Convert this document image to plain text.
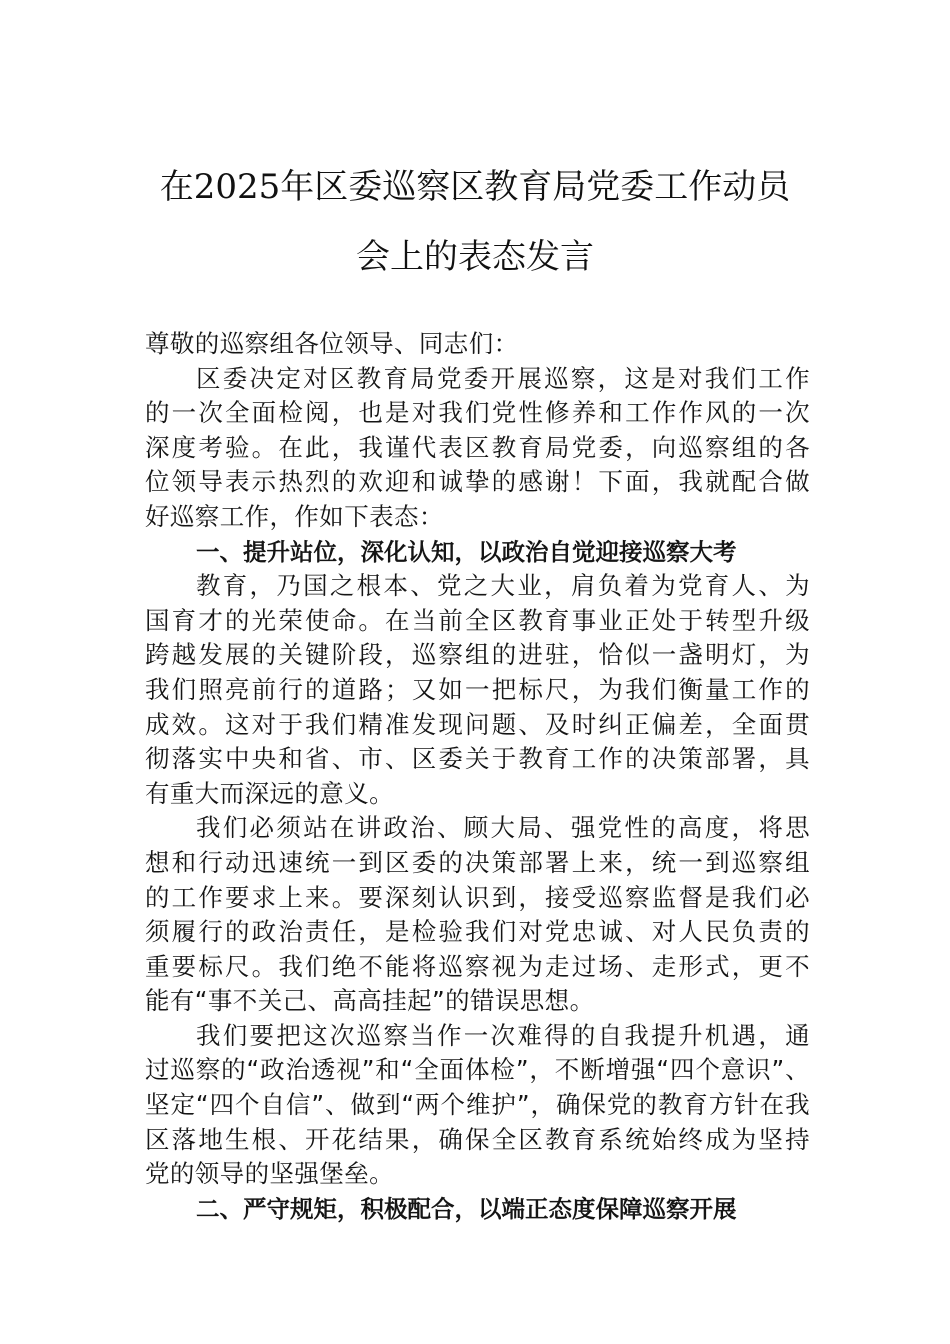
在2025年区委巡察区教育局党委工作动员
会上的表态发言
尊敬的巡察组各位领导、同志们：
区委决定对区教育局党委开展巡察，这是对我们工作
的一次全面检阅，也是对我们党性修养和工作作风的一次
深度考验。在此，我谨代表区教育局党委，向巡察组的各
位领导表示热烈的欢迎和诚挚的感谢！下面，我就配合做
好巡察工作，作如下表态：
一、提升站位，深化认知，以政治自觉迎接巡察大考
教育，乃国之根本、党之大业，肩负着为党育人、为
国育才的光荣使命。在当前全区教育事业正处于转型升级
跨越发展的关键阶段，巡察组的进驻，恰似一盏明灯，为
我们照亮前行的道路；又如一把标尺，为我们衡量工作的
成效。这对于我们精准发现问题、及时纠正偏差，全面贯
彻落实中央和省、市、区委关于教育工作的决策部署，具
有重大而深远的意义。
我们必须站在讲政治、顾大局、强党性的高度，将思
想和行动迅速统一到区委的决策部署上来，统一到巡察组
的工作要求上来。要深刻认识到，接受巡察监督是我们必
须履行的政治责任，是检验我们对党忠诚、对人民负责的
重要标尺。我们绝不能将巡察视为走过场、走形式，更不
能有“事不关己、高高挂起”的错误思想。
我们要把这次巡察当作一次难得的自我提升机遇，通
过巡察的“政治透视”和“全面体检”，不断增强“四个意识”、
坚定“四个自信”、做到“两个维护”，确保党的教育方针在我
区落地生根、开花结果，确保全区教育系统始终成为坚持
党的领导的坚强堡垒。
二、严守规矩，积极配合，以端正态度保障巡察开展
